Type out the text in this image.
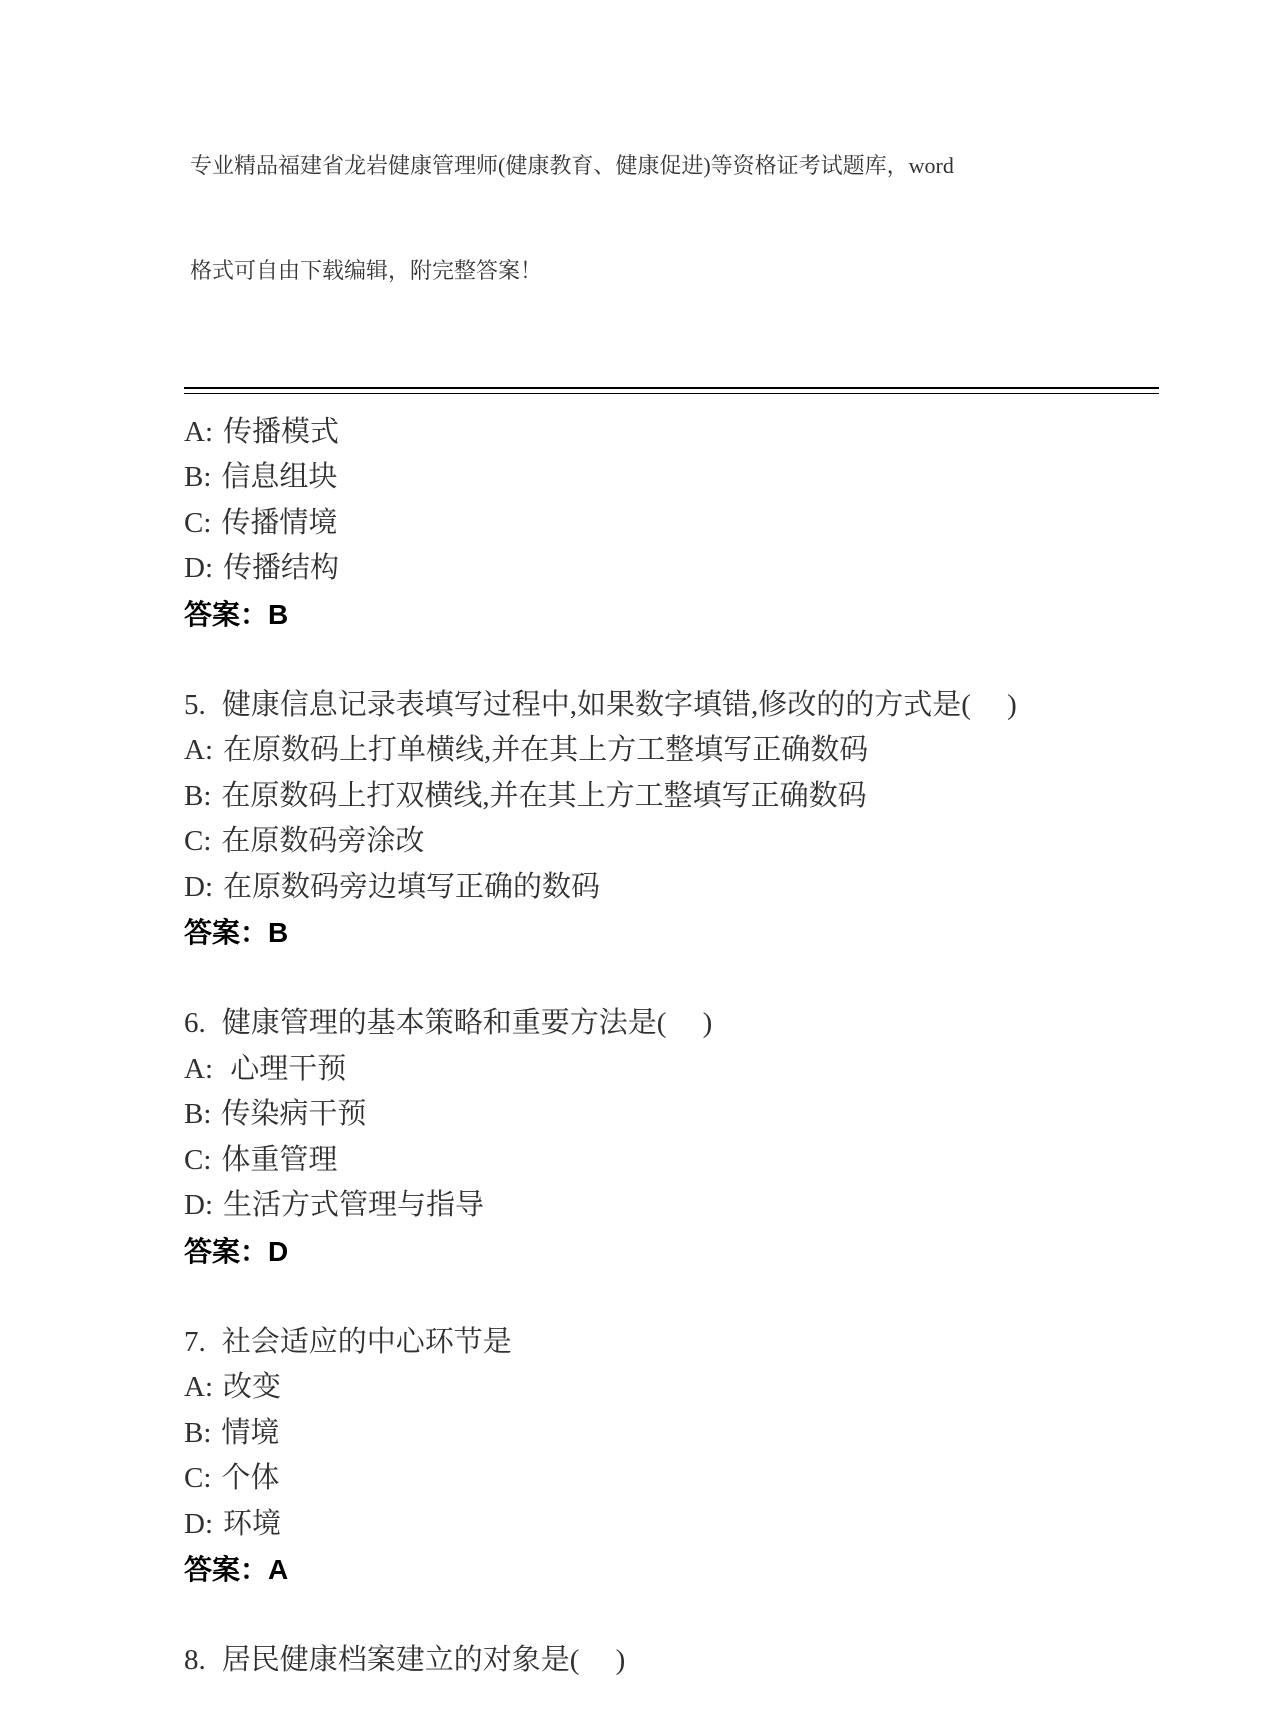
专业精品福建省龙岩健康管理师(健康教育、健康促进)等资格证考试题库，word

格式可自由下载编辑，附完整答案！

A: 传播模式
B: 信息组块
C: 传播情境
D: 传播结构
答案：B
5. 健康信息记录表填写过程中,如果数字填错,修改的的方式是(　 )
A: 在原数码上打单横线,并在其上方工整填写正确数码
B: 在原数码上打双横线,并在其上方工整填写正确数码
C: 在原数码旁涂改
D: 在原数码旁边填写正确的数码
答案：B
6. 健康管理的基本策略和重要方法是(　 )
A: 心理干预
B: 传染病干预
C: 体重管理
D: 生活方式管理与指导
答案：D
7. 社会适应的中心环节是
A: 改变
B: 情境
C: 个体
D: 环境
答案：A
8. 居民健康档案建立的对象是(　 )
